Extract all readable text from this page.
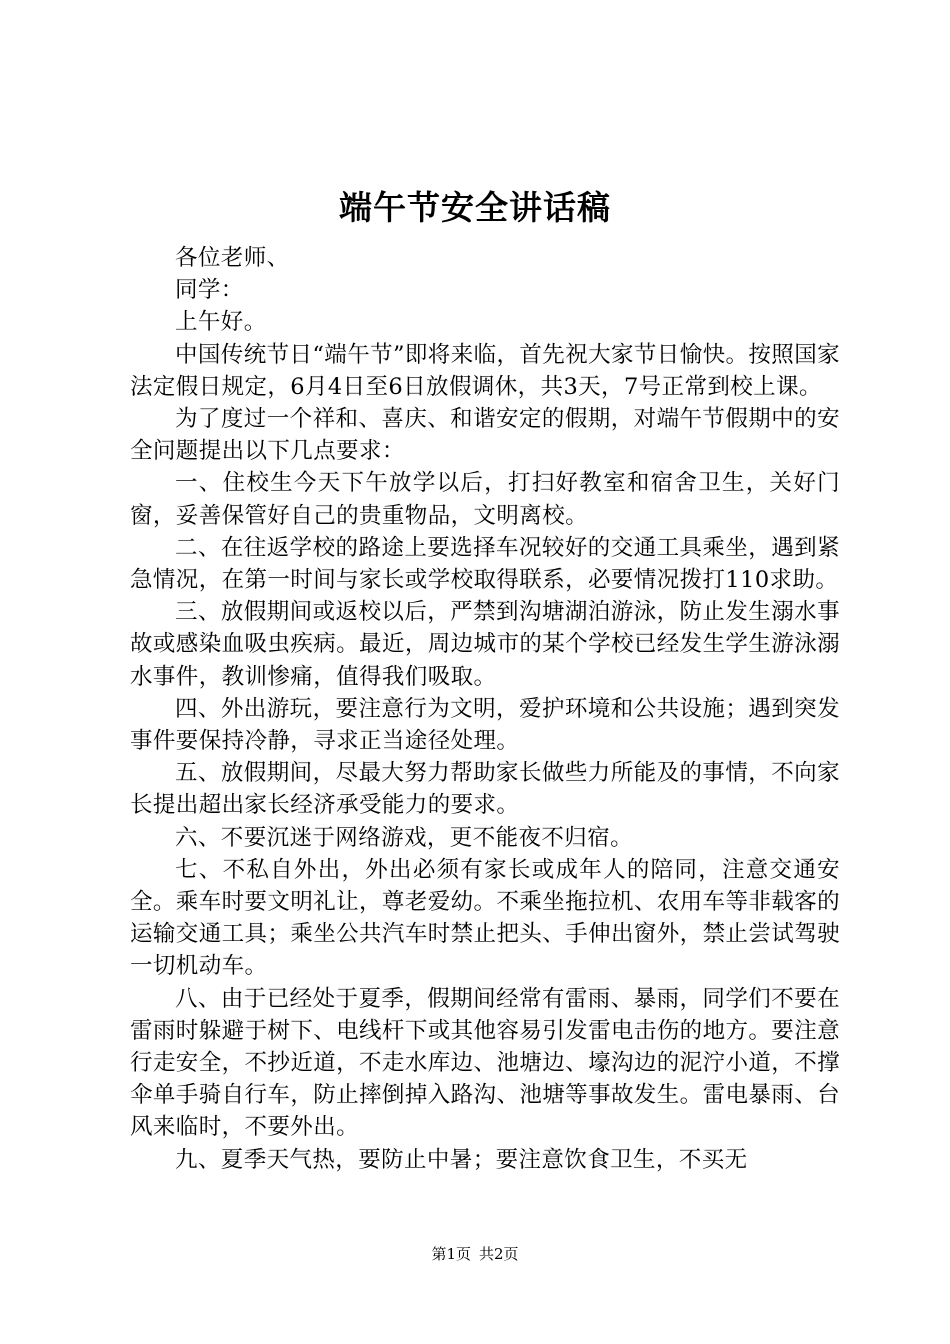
端午节安全讲话稿

各位老师、

同学：

上午好。

中国传统节日“端午节”即将来临，首先祝大家节日愉快。按照国家法定假日规定，6月4日至6日放假调休，共3天，7号正常到校上课。

为了度过一个祥和、喜庆、和谐安定的假期，对端午节假期中的安全问题提出以下几点要求：

一、住校生今天下午放学以后，打扫好教室和宿舍卫生，关好门窗，妥善保管好自己的贵重物品，文明离校。

二、在往返学校的路途上要选择车况较好的交通工具乘坐，遇到紧急情况，在第一时间与家长或学校取得联系，必要情况拨打110求助。

三、放假期间或返校以后，严禁到沟塘湖泊游泳，防止发生溺水事故或感染血吸虫疾病。最近，周边城市的某个学校已经发生学生游泳溺水事件，教训惨痛，值得我们吸取。

四、外出游玩，要注意行为文明，爱护环境和公共设施；遇到突发事件要保持冷静，寻求正当途径处理。

五、放假期间，尽最大努力帮助家长做些力所能及的事情，不向家长提出超出家长经济承受能力的要求。

六、不要沉迷于网络游戏，更不能夜不归宿。

七、不私自外出，外出必须有家长或成年人的陪同，注意交通安全。乘车时要文明礼让，尊老爱幼。不乘坐拖拉机、农用车等非载客的运输交通工具；乘坐公共汽车时禁止把头、手伸出窗外，禁止尝试驾驶一切机动车。

八、由于已经处于夏季，假期间经常有雷雨、暴雨，同学们不要在雷雨时躲避于树下、电线杆下或其他容易引发雷电击伤的地方。要注意行走安全，不抄近道，不走水库边、池塘边、壕沟边的泥泞小道，不撑伞单手骑自行车，防止摔倒掉入路沟、池塘等事故发生。雷电暴雨、台风来临时，不要外出。

九、夏季天气热，要防止中暑；要注意饮食卫生，不买无

第1页 共2页
